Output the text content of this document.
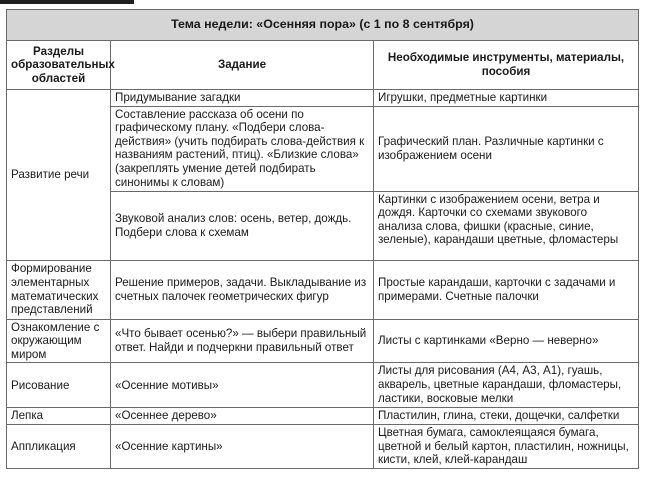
Тема недели: «Осенняя пора» (с 1 по 8 сентября)		
Разделы образовательных областей	Задание	Необходимые инструменты, материалы, пособия
Развитие речи	Придумывание загадки	Игрушки, предметные картинки
	Составление рассказа об осени по графическому плану. «Подбери слова-действия» (учить подбирать слова-действия к названиям растений, птиц). «Близкие слова» (закреплять умение детей подбирать синонимы к словам)	Графический план. Различные картинки с изображением осени
	Звуковой анализ слов: осень, ветер, дождь. Подбери слова к схемам	Картинки с изображением осени, ветра и дождя. Карточки со схемами звукового анализа слова, фишки (красные, синие, зеленые), карандаши цветные, фломастеры
Формирование элементарных математических представлений	Решение примеров, задачи. Выкладывание из счетных палочек геометрических фигур	Простые карандаши, карточки с задачами и примерами. Счетные палочки
Ознакомление с окружающим миром	«Что бывает осенью?» — выбери правильный ответ. Найди и подчеркни правильный ответ	Листы с картинками «Верно — неверно»
Рисование	«Осенние мотивы»	Листы для рисования (А4, А3, А1), гуашь, акварель, цветные карандаши, фломастеры, ластики, восковые мелки
Лепка	«Осеннее дерево»	Пластилин, глина, стеки, дощечки, салфетки
Аппликация	«Осенние картины»	Цветная бумага, самоклеящаяся бумага, цветной и белый картон, пластилин, ножницы, кисти, клей, клей-карандаш
